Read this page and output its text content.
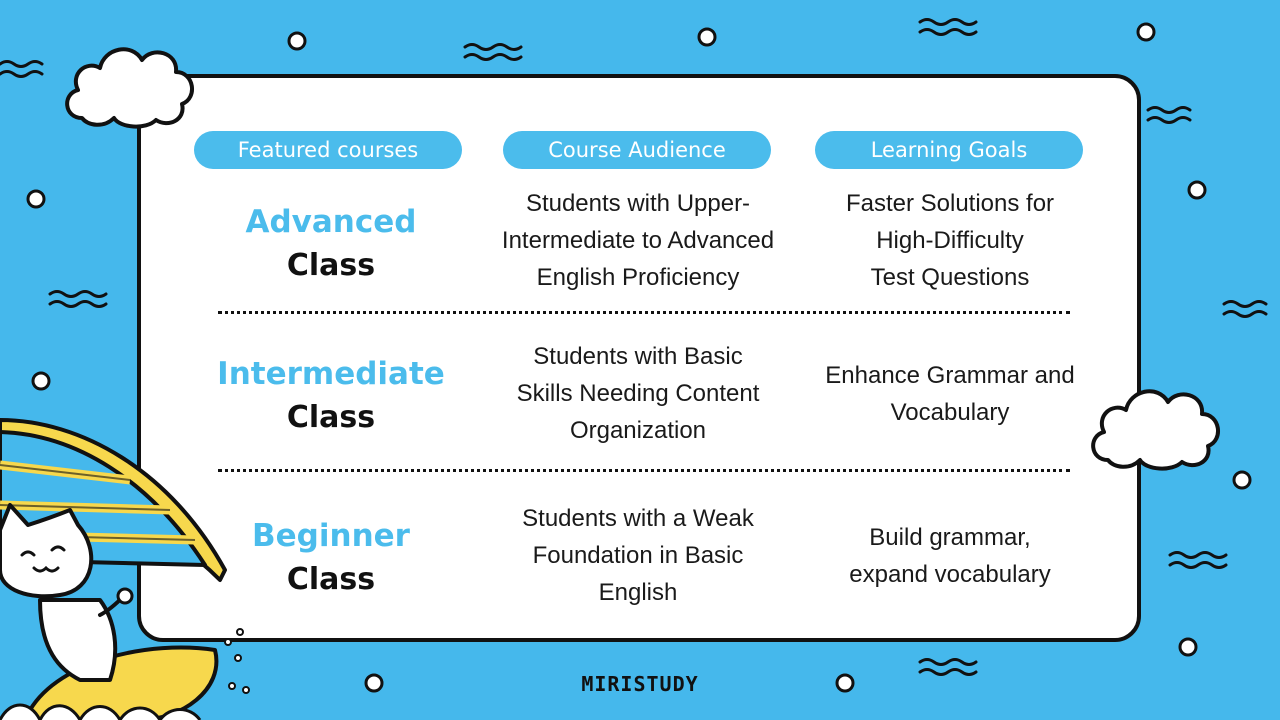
Featured courses	Course Audience	Learning Goals
Advanced
Class
Students with Upper-
Intermediate to Advanced
English Proficiency
Faster Solutions for
High-Difficulty
Test Questions
Intermediate
Class
Students with Basic
Skills Needing Content
Organization
Enhance Grammar and
Vocabulary
Beginner
Class
Students with a Weak
Foundation in Basic
English
Build grammar,
expand vocabulary
MIRISTUDY
